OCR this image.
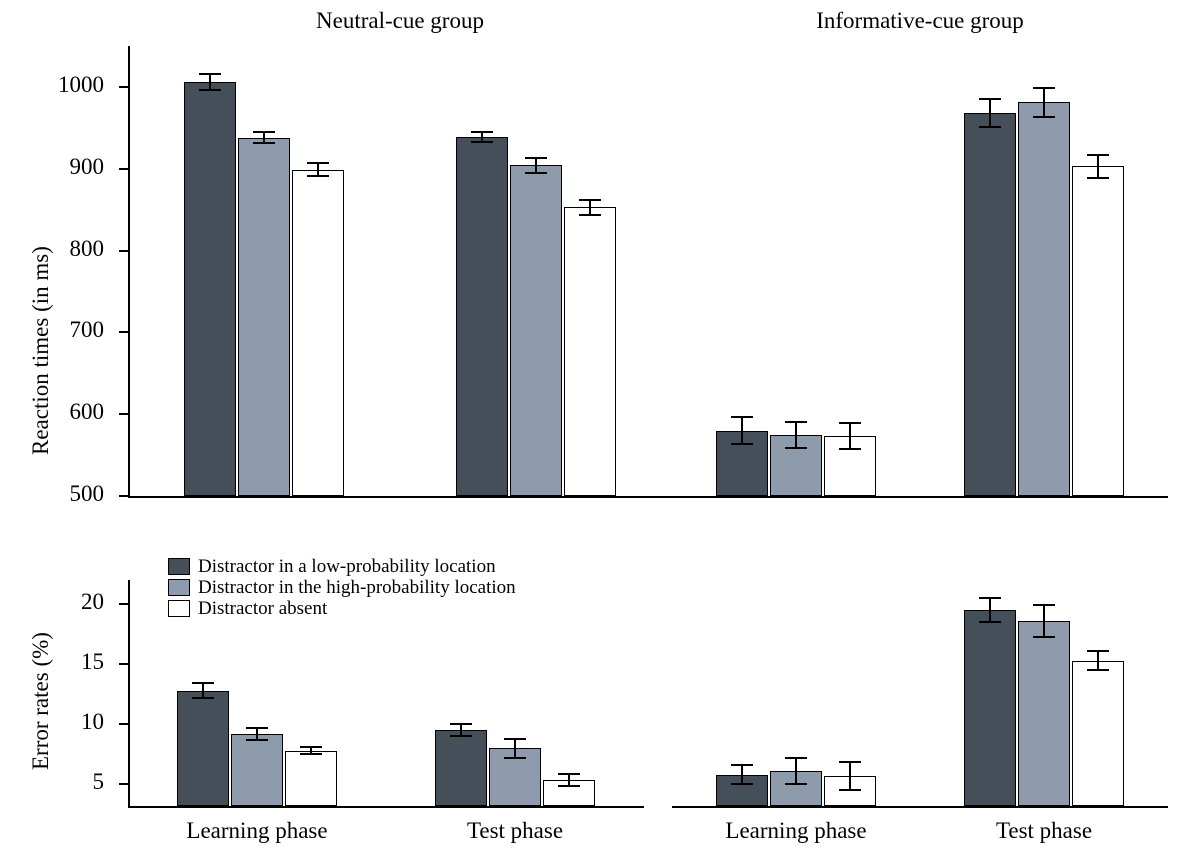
Neutral-cue group	Informative-cue group
500
600
700
800
900
1000
5
10
15
20
Learning phase	Test phase	Learning phase	Test phase
Reaction times (in ms)
Error rates (%)
Distractor in a low-probability location
Distractor in the high-probability location
Distractor absent
